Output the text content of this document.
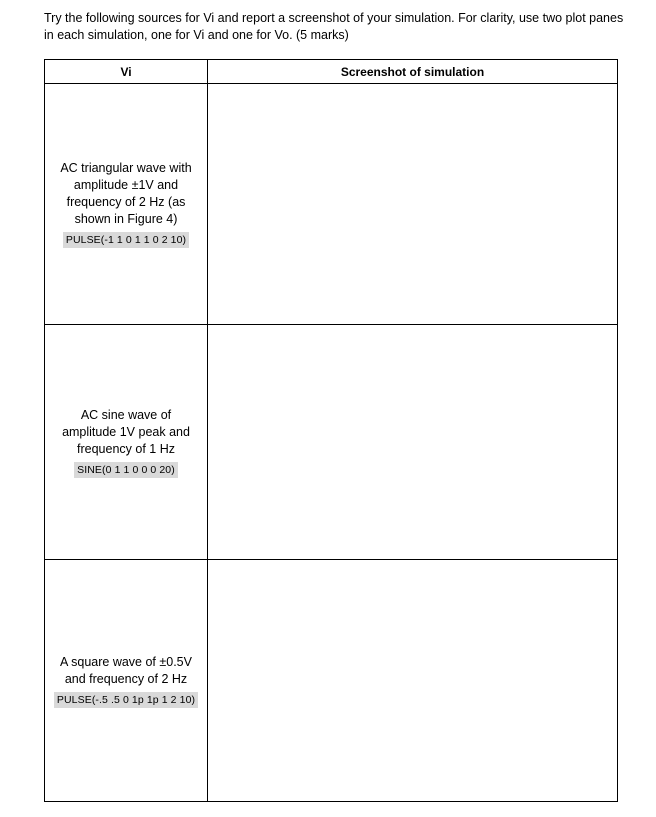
Try the following sources for Vi and report a screenshot of your simulation. For clarity, use two plot panes in each simulation, one for Vi and one for Vo. (5 marks)
Vi	Screenshot of simulation

AC triangular wave with amplitude ±1V and frequency of 2 Hz (as shown in Figure 4)
PULSE(-1 1 0 1 1 0 2 10)	

AC sine wave of amplitude 1V peak and frequency of 1 Hz
SINE(0 1 1 0 0 0 20)	

A square wave of ±0.5V and frequency of 2 Hz
PULSE(-.5 .5 0 1p 1p 1 2 10)	
